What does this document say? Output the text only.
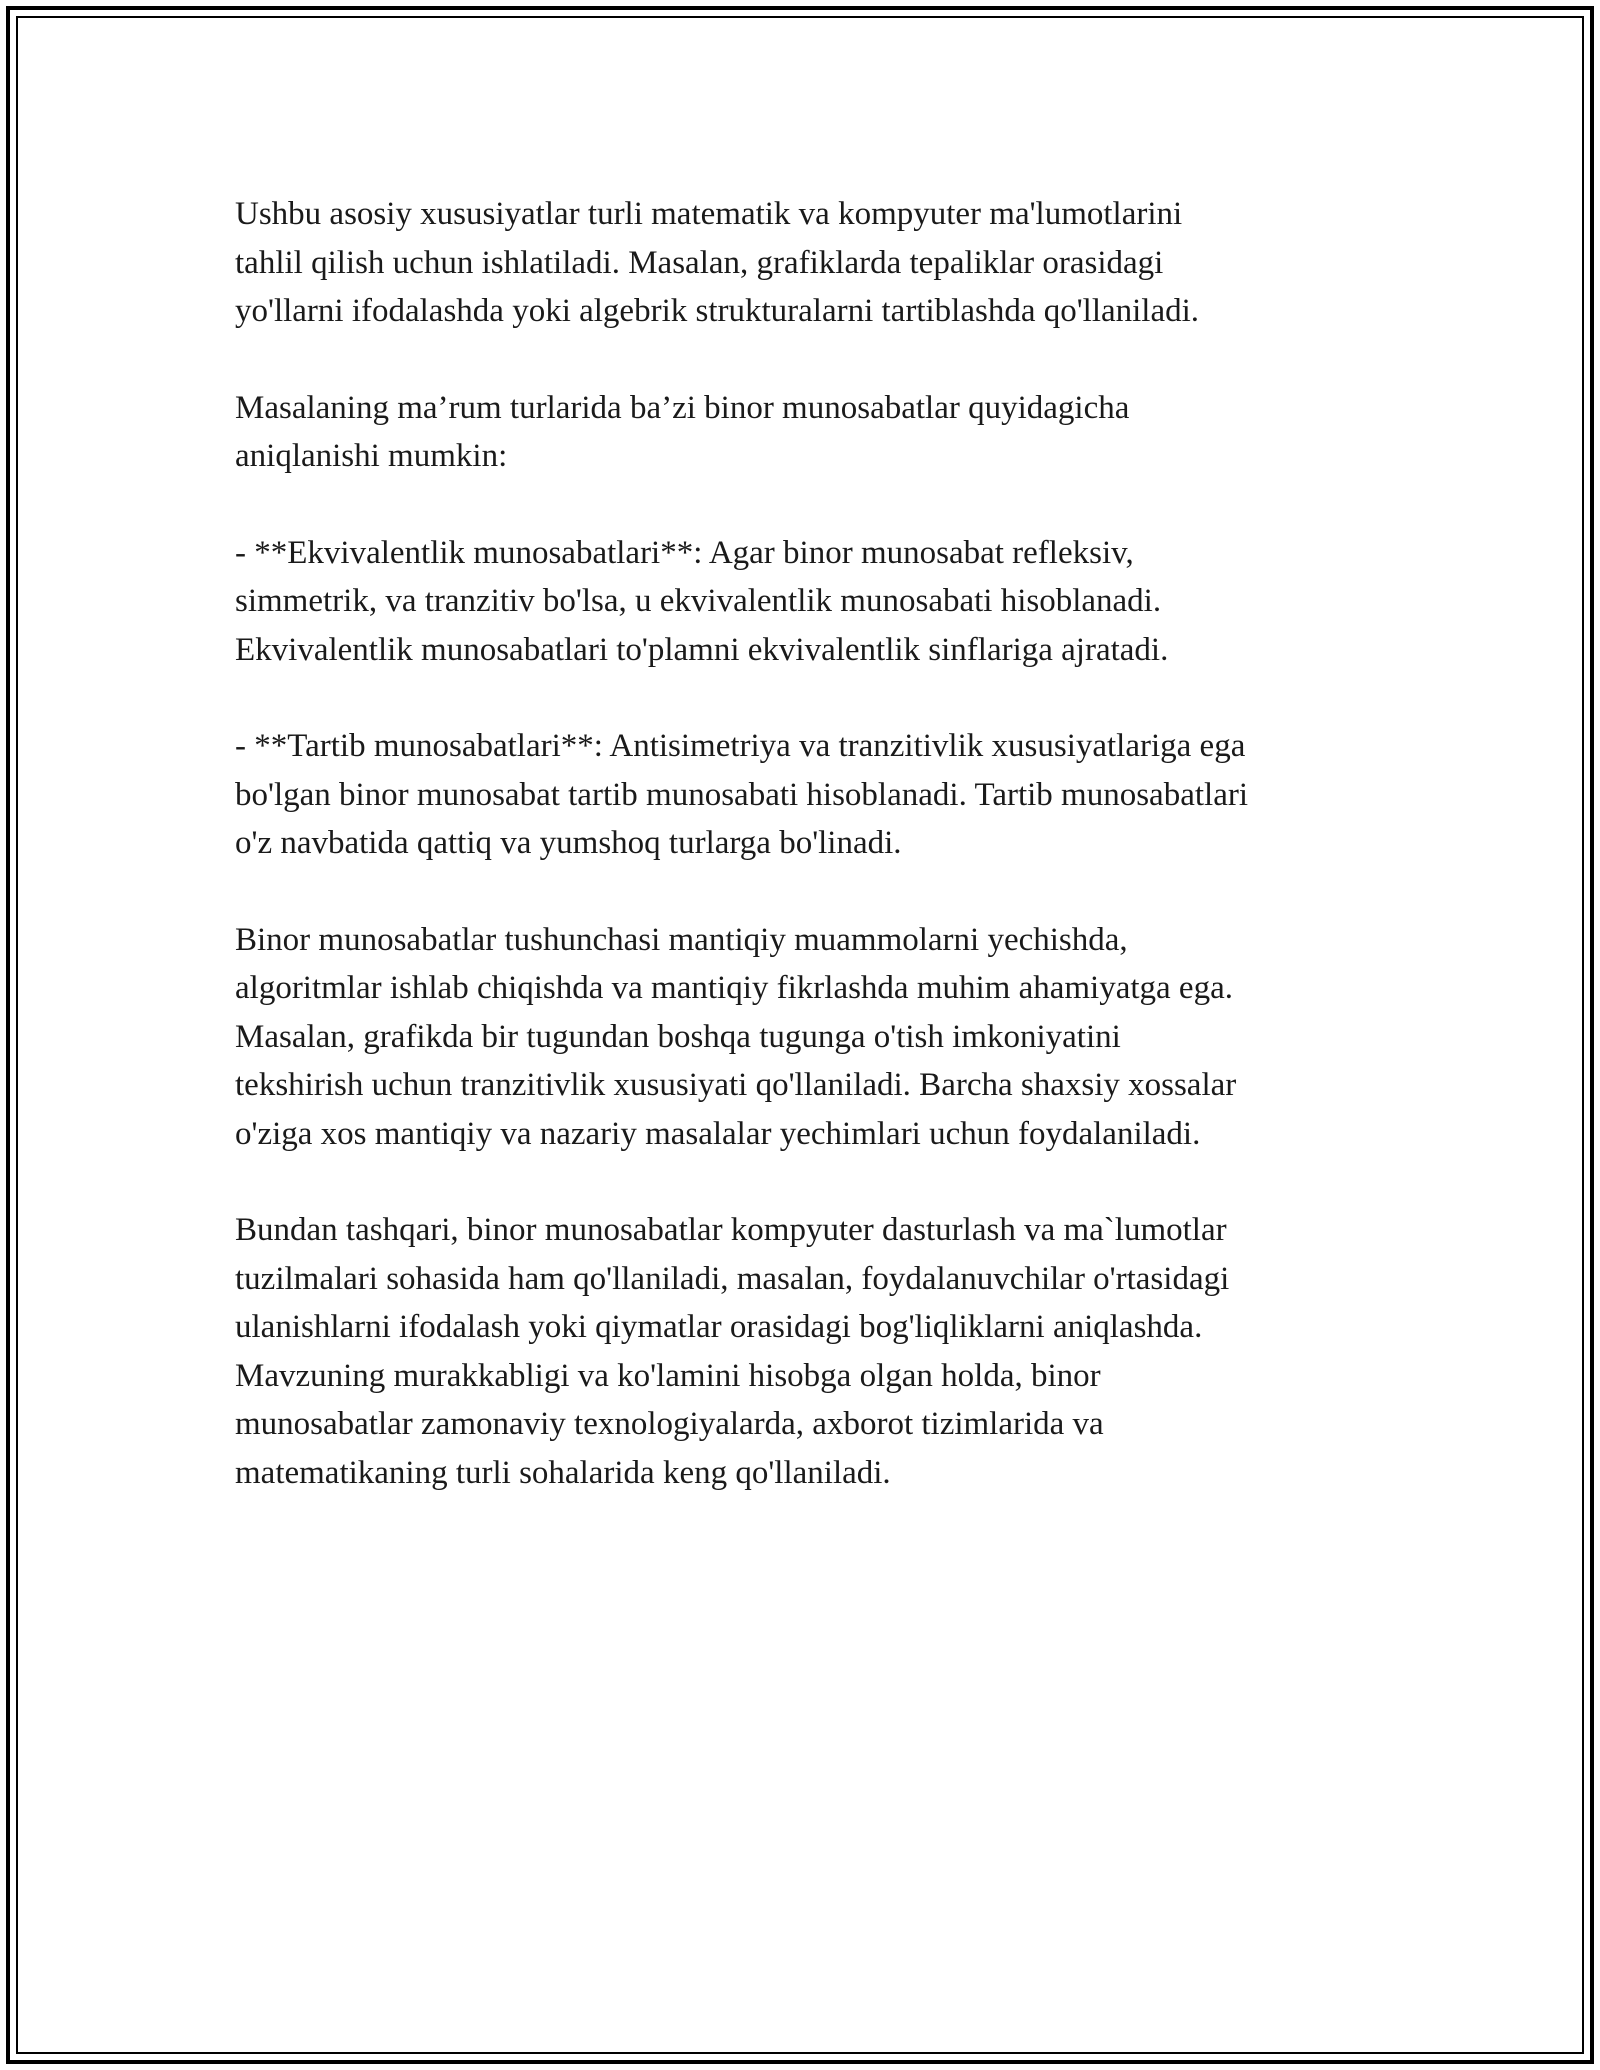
Ushbu asosiy xususiyatlar turli matematik va kompyuter ma'lumotlarini
tahlil qilish uchun ishlatiladi. Masalan, grafiklarda tepaliklar orasidagi
yo'llarni ifodalashda yoki algebrik strukturalarni tartiblashda qo'llaniladi.

Masalaning ma’rum turlarida ba’zi binor munosabatlar quyidagicha
aniqlanishi mumkin:

- **Ekvivalentlik munosabatlari**: Agar binor munosabat refleksiv,
simmetrik, va tranzitiv bo'lsa, u ekvivalentlik munosabati hisoblanadi.
Ekvivalentlik munosabatlari to'plamni ekvivalentlik sinflariga ajratadi.

- **Tartib munosabatlari**: Antisimetriya va tranzitivlik xususiyatlariga ega
bo'lgan binor munosabat tartib munosabati hisoblanadi. Tartib munosabatlari
o'z navbatida qattiq va yumshoq turlarga bo'linadi.

Binor munosabatlar tushunchasi mantiqiy muammolarni yechishda,
algoritmlar ishlab chiqishda va mantiqiy fikrlashda muhim ahamiyatga ega.
Masalan, grafikda bir tugundan boshqa tugunga o'tish imkoniyatini
tekshirish uchun tranzitivlik xususiyati qo'llaniladi. Barcha shaxsiy xossalar
o'ziga xos mantiqiy va nazariy masalalar yechimlari uchun foydalaniladi.

Bundan tashqari, binor munosabatlar kompyuter dasturlash va ma`lumotlar
tuzilmalari sohasida ham qo'llaniladi, masalan, foydalanuvchilar o'rtasidagi
ulanishlarni ifodalash yoki qiymatlar orasidagi bog'liqliklarni aniqlashda.
Mavzuning murakkabligi va ko'lamini hisobga olgan holda, binor
munosabatlar zamonaviy texnologiyalarda, axborot tizimlarida va
matematikaning turli sohalarida keng qo'llaniladi.
